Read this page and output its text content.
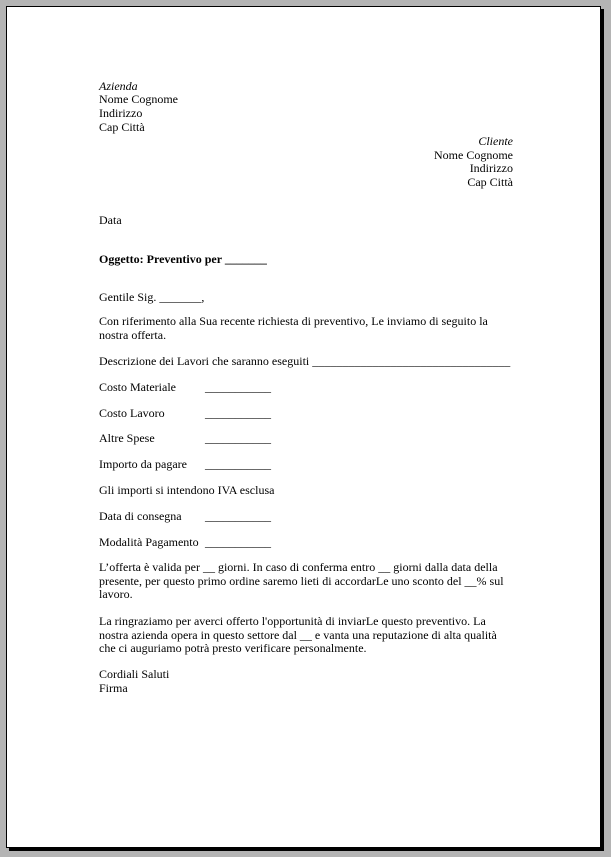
Azienda
Nome Cognome
Indirizzo
Cap Città
Cliente
Nome Cognome
Indirizzo
Cap Città
Data
Oggetto: Preventivo per _______
Gentile Sig. _______,
Con riferimento alla Sua recente richiesta di preventivo, Le inviamo di seguito la nostra offerta.
Descrizione dei Lavori che saranno eseguiti _________________________________
Costo Materiale ___________
Costo Lavoro	___________
Altre Spese	___________
Importo da pagare ___________
Gli importi si intendono IVA esclusa
Data di consegna ___________
Modalità Pagamento ___________
L’offerta è valida per __ giorni. In caso di conferma entro __ giorni dalla data della presente, per questo primo ordine saremo lieti di accordarLe uno sconto del __% sul lavoro.
La ringraziamo per averci offerto l'opportunità di inviarLe questo preventivo. La nostra azienda opera in questo settore dal __ e vanta una reputazione di alta qualità che ci auguriamo potrà presto verificare personalmente.
Cordiali Saluti
Firma
